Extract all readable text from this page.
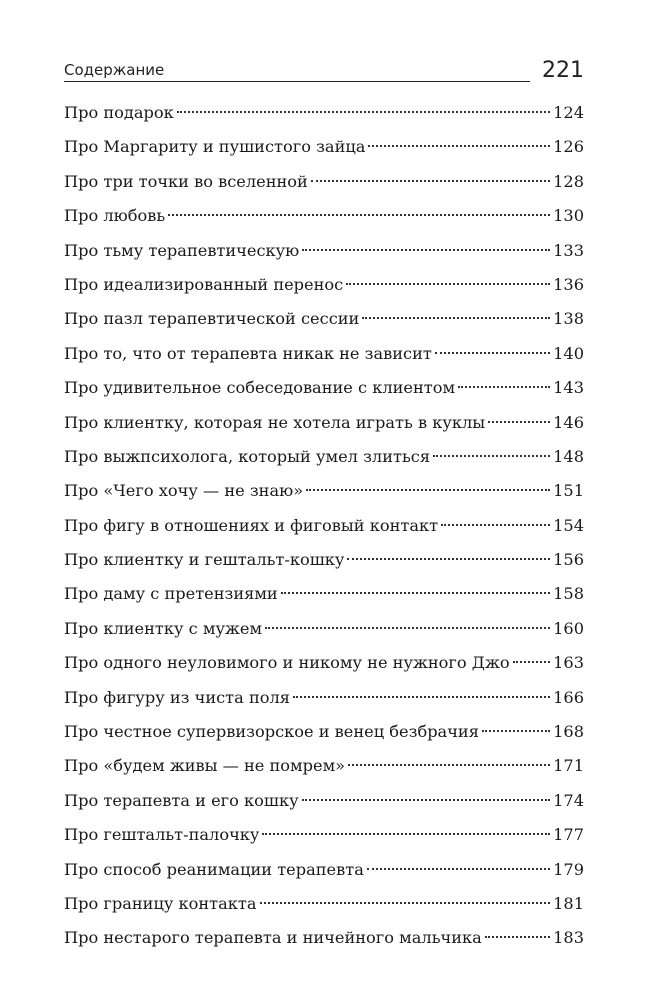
Содержание	221
Про подарок	124
Про Маргариту и пушистого зайца	126
Про три точки во вселенной	128
Про любовь	130
Про тьму терапевтическую	133
Про идеализированный перенос	136
Про пазл терапевтической сессии	138
Про то, что от терапевта никак не зависит	140
Про удивительное собеседование с клиентом	143
Про клиентку, которая не хотела играть в куклы	146
Про выжпсихолога, который умел злиться	148
Про «Чего хочу — не знаю»	151
Про фигу в отношениях и фиговый контакт	154
Про клиентку и гештальт-кошку	156
Про даму с претензиями	158
Про клиентку с мужем	160
Про одного неуловимого и никому не нужного Джо	163
Про фигуру из чиста поля	166
Про честное супервизорское и венец безбрачия	168
Про «будем живы — не помрем»	171
Про терапевта и его кошку	174
Про гештальт-палочку	177
Про способ реанимации терапевта	179
Про границу контакта	181
Про нестарого терапевта и ничейного мальчика	183
